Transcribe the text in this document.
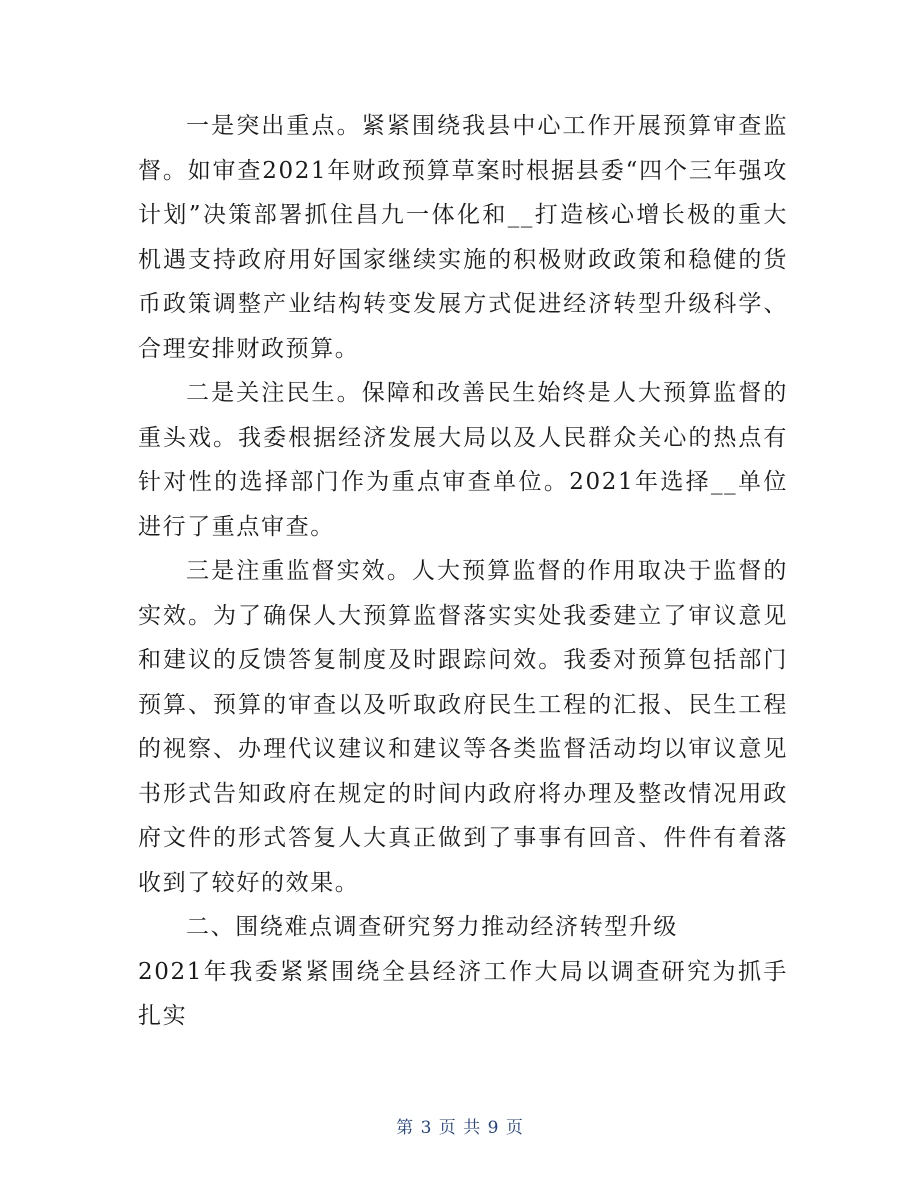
一是突出重点。紧紧围绕我县中心工作开展预算审查监督。如审查2021年财政预算草案时根据县委“四个三年强攻计划”决策部署抓住昌九一体化和__打造核心增长极的重大机遇支持政府用好国家继续实施的积极财政政策和稳健的货币政策调整产业结构转变发展方式促进经济转型升级科学、合理安排财政预算。

二是关注民生。保障和改善民生始终是人大预算监督的重头戏。我委根据经济发展大局以及人民群众关心的热点有针对性的选择部门作为重点审查单位。2021年选择__单位进行了重点审查。

三是注重监督实效。人大预算监督的作用取决于监督的实效。为了确保人大预算监督落实实处我委建立了审议意见和建议的反馈答复制度及时跟踪问效。我委对预算包括部门预算、预算的审查以及听取政府民生工程的汇报、民生工程的视察、办理代议建议和建议等各类监督活动均以审议意见书形式告知政府在规定的时间内政府将办理及整改情况用政府文件的形式答复人大真正做到了事事有回音、件件有着落收到了较好的效果。

二、围绕难点调查研究努力推动经济转型升级

2021年我委紧紧围绕全县经济工作大局以调查研究为抓手扎实

第 3 页 共 9 页
